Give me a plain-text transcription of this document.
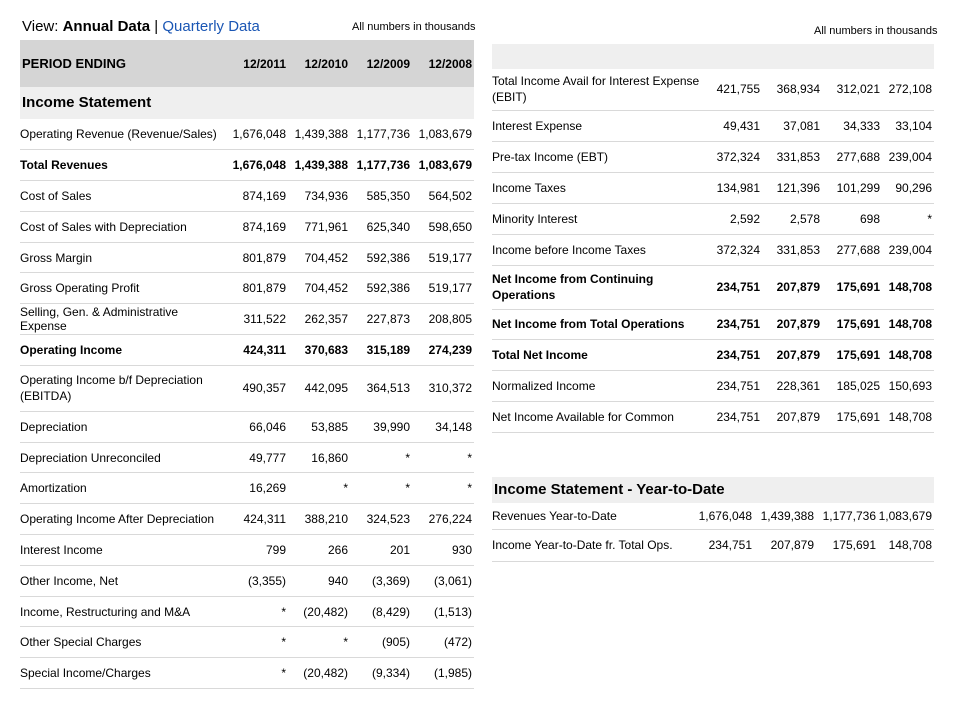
View: Annual Data | Quarterly Data	All numbers in thousands	All numbers in thousands
PERIOD ENDING	12/2011	12/2010	12/2009	12/2008
Income Statement				
Operating Revenue (Revenue/Sales)	1,676,048	1,439,388	1,177,736	1,083,679
Total Revenues	1,676,048	1,439,388	1,177,736	1,083,679
Cost of Sales	874,169	734,936	585,350	564,502
Cost of Sales with Depreciation	874,169	771,961	625,340	598,650
Gross Margin	801,879	704,452	592,386	519,177
Gross Operating Profit	801,879	704,452	592,386	519,177
Selling, Gen. & Administrative Expense	311,522	262,357	227,873	208,805
Operating Income	424,311	370,683	315,189	274,239
Operating Income b/f Depreciation (EBITDA)	490,357	442,095	364,513	310,372
Depreciation	66,046	53,885	39,990	34,148
Depreciation Unreconciled	49,777	16,860	*	*
Amortization	16,269	*	*	*
Operating Income After Depreciation	424,311	388,210	324,523	276,224
Interest Income	799	266	201	930
Other Income, Net	(3,355)	940	(3,369)	(3,061)
Income, Restructuring and M&A	*	(20,482)	(8,429)	(1,513)
Other Special Charges	*	*	(905)	(472)
Special Income/Charges	*	(20,482)	(9,334)	(1,985)

Total Income Avail for Interest Expense (EBIT)	421,755	368,934	312,021	272,108
Interest Expense	49,431	37,081	34,333	33,104
Pre-tax Income (EBT)	372,324	331,853	277,688	239,004
Income Taxes	134,981	121,396	101,299	90,296
Minority Interest	2,592	2,578	698	*
Income before Income Taxes	372,324	331,853	277,688	239,004
Net Income from Continuing Operations	234,751	207,879	175,691	148,708
Net Income from Total Operations	234,751	207,879	175,691	148,708
Total Net Income	234,751	207,879	175,691	148,708
Normalized Income	234,751	228,361	185,025	150,693
Net Income Available for Common	234,751	207,879	175,691	148,708
Income Statement - Year-to-Date				
Revenues Year-to-Date	1,676,048	1,439,388	1,177,736	1,083,679
Income Year-to-Date fr. Total Ops.	234,751	207,879	175,691	148,708
